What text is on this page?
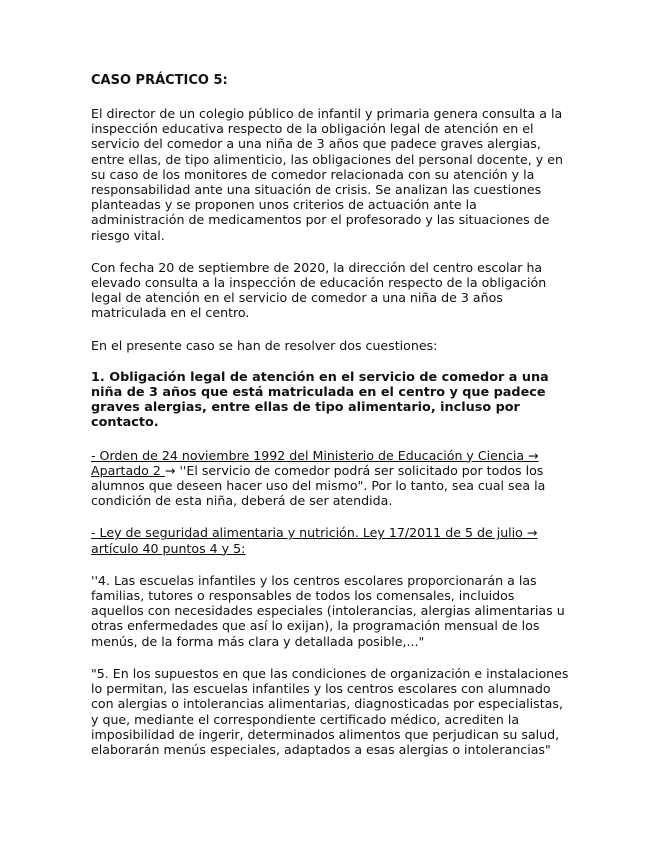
CASO PRÁCTICO 5:
El director de un colegio público de infantil y primaria genera consulta a la inspección educativa respecto de la obligación legal de atención en el servicio del comedor a una niña de 3 años que padece graves alergias, entre ellas, de tipo alimenticio, las obligaciones del personal docente, y en su caso de los monitores de comedor relacionada con su atención y la responsabilidad ante una situación de crisis. Se analizan las cuestiones planteadas y se proponen unos criterios de actuación ante la administración de medicamentos por el profesorado y las situaciones de riesgo vital.
Con fecha 20 de septiembre de 2020, la dirección del centro escolar ha elevado consulta a la inspección de educación respecto de la obligación legal de atención en el servicio de comedor a una niña de 3 años matriculada en el centro.
En el presente caso se han de resolver dos cuestiones:
1. Obligación legal de atención en el servicio de comedor a una niña de 3 años que está matriculada en el centro y que padece graves alergias, entre ellas de tipo alimentario, incluso por contacto.
- Orden de 24 noviembre 1992 del Ministerio de Educación y Ciencia → Apartado 2 → ''El servicio de comedor podrá ser solicitado por todos los alumnos que deseen hacer uso del mismo". Por lo tanto, sea cual sea la condición de esta niña, deberá de ser atendida.
- Ley de seguridad alimentaria y nutrición. Ley 17/2011 de 5 de julio → artículo 40 puntos 4 y 5:
''4. Las escuelas infantiles y los centros escolares proporcionarán a las familias, tutores o responsables de todos los comensales, incluidos aquellos con necesidades especiales (intolerancias, alergias alimentarias u otras enfermedades que así lo exijan), la programación mensual de los menús, de la forma más clara y detallada posible,..."
"5. En los supuestos en que las condiciones de organización e instalaciones lo permitan, las escuelas infantiles y los centros escolares con alumnado con alergias o intolerancias alimentarias, diagnosticadas por especialistas, y que, mediante el correspondiente certificado médico, acrediten la imposibilidad de ingerir, determinados alimentos que perjudican su salud, elaborarán menús especiales, adaptados a esas alergias o intolerancias"
